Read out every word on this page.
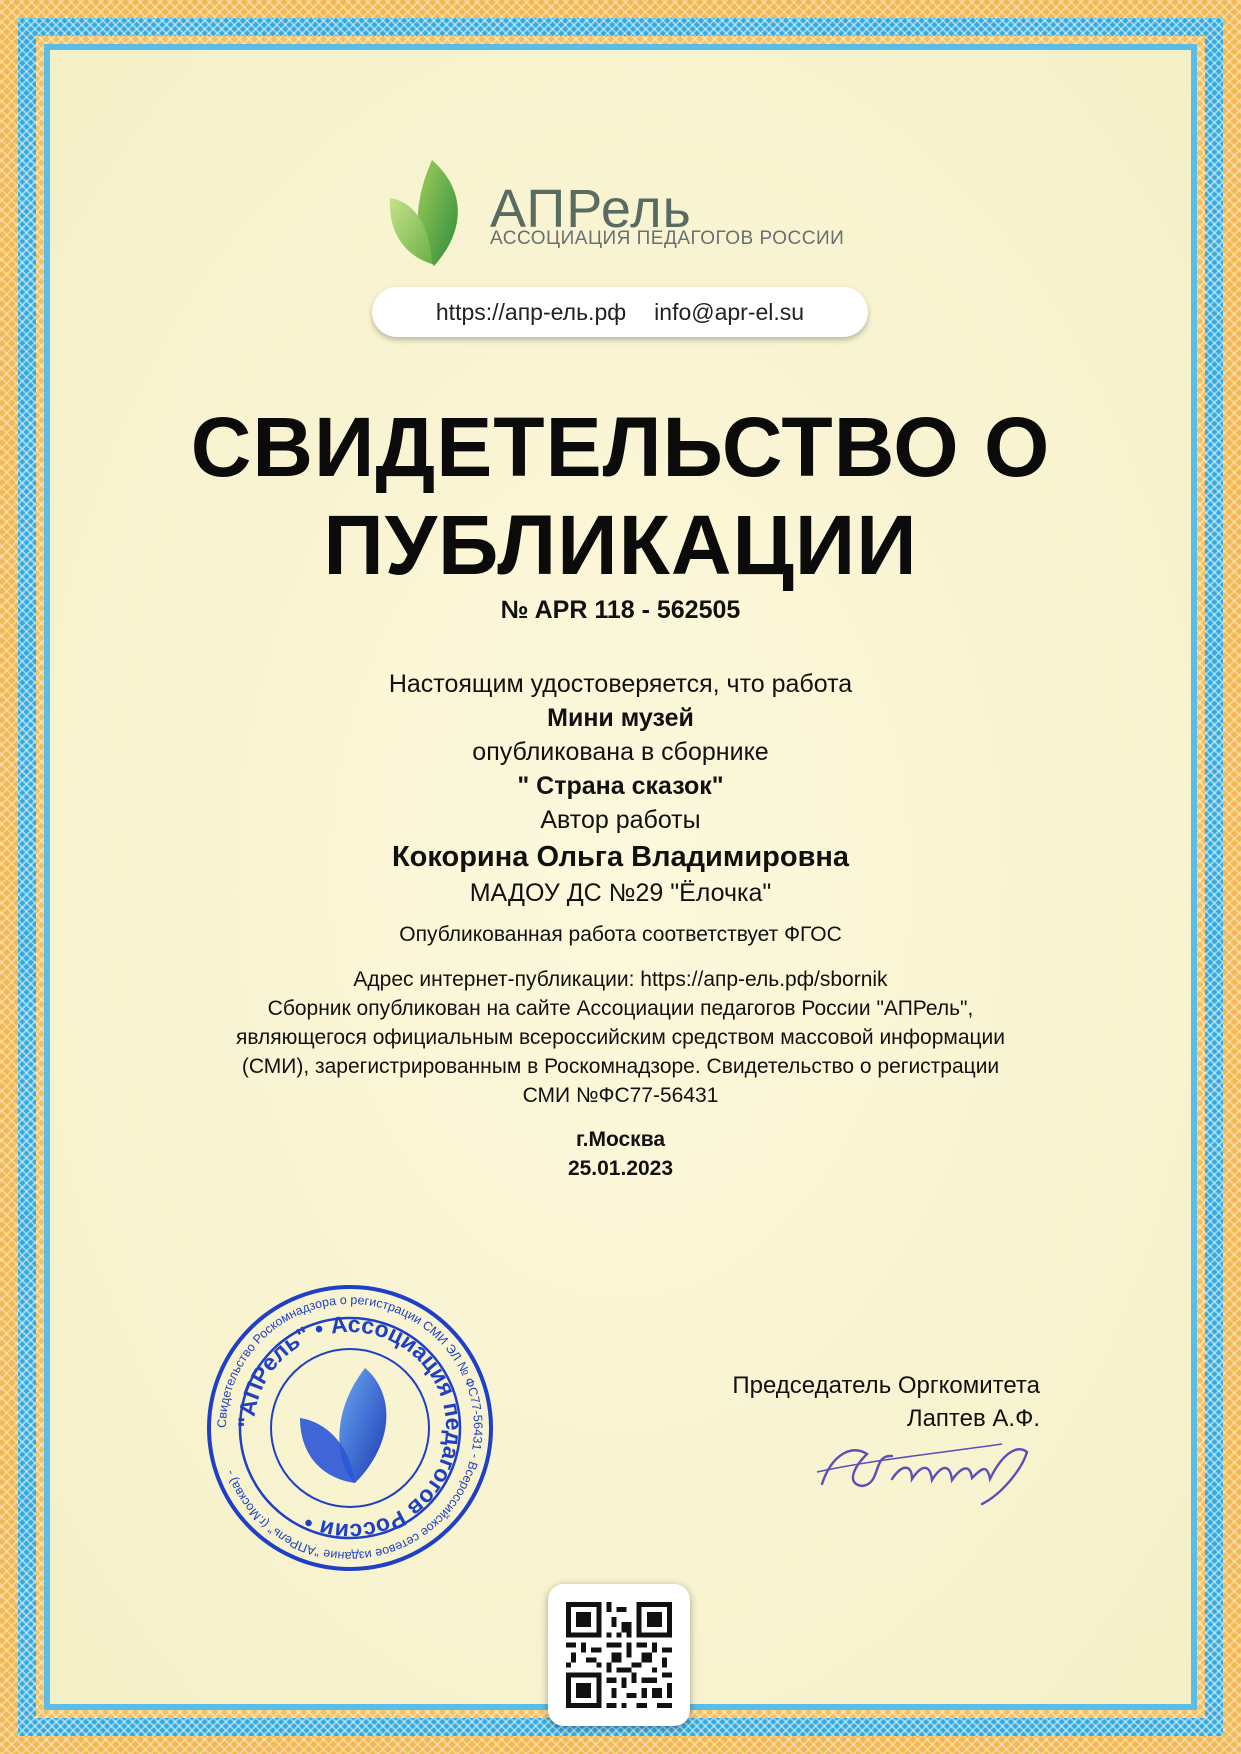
АПРель
АССОЦИАЦИЯ ПЕДАГОГОВ РОССИИ
https://апр-ель.рф info@apr-el.su
СВИДЕТЕЛЬСТВО О
ПУБЛИКАЦИИ
№ APR 118 - 562505
Настоящим удостоверяется, что работа
Мини музей
опубликована в сборнике
" Страна сказок"
Автор работы
Кокорина Ольга Владимировна
МАДОУ ДС №29 "Ёлочка"
Опубликованная работа соответствует ФГОС
Адрес интернет-публикации: https://апр-ель.рф/sbornik
Сборник опубликован на сайте Ассоциации педагогов России "АПРель",
являющегося официальным всероссийским средством массовой информации
(СМИ), зарегистрированным в Роскомнадзоре. Свидетельство о регистрации
СМИ №ФС77-56431
г.Москва
25.01.2023
Свидетельство Роскомнадзора о регистрации СМИ ЭЛ № ФС77-56431 - Всероссийское сетевое издание "АПРель" (г.Москва) -
"АПРель" • Ассоциация педагогов России •
Председатель Оргкомитета
Лаптев А.Ф.
